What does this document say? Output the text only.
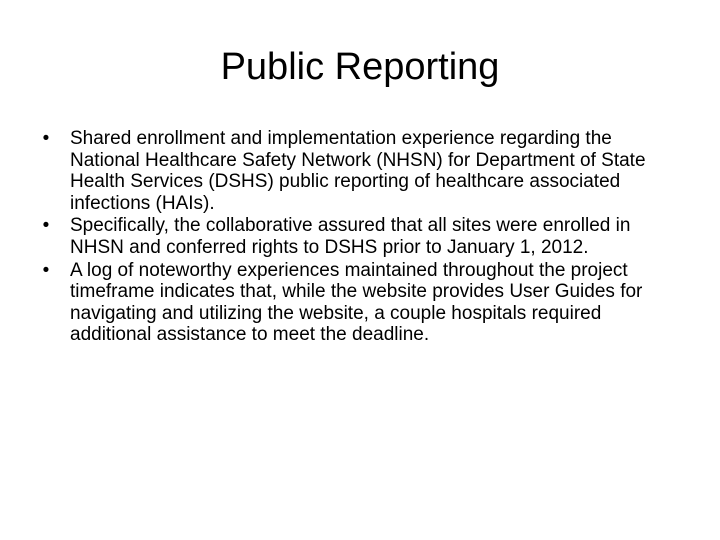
Public Reporting
•	Shared enrollment and implementation experience regarding the National Healthcare Safety Network (NHSN) for Department of State Health Services (DSHS) public reporting of healthcare associated infections (HAIs).
•	Specifically, the collaborative assured that all sites were enrolled in NHSN and conferred rights to DSHS prior to January 1, 2012.
•	A log of noteworthy experiences maintained throughout the project timeframe indicates that, while the website provides User Guides for navigating and utilizing the website, a couple hospitals required additional assistance to meet the deadline.
